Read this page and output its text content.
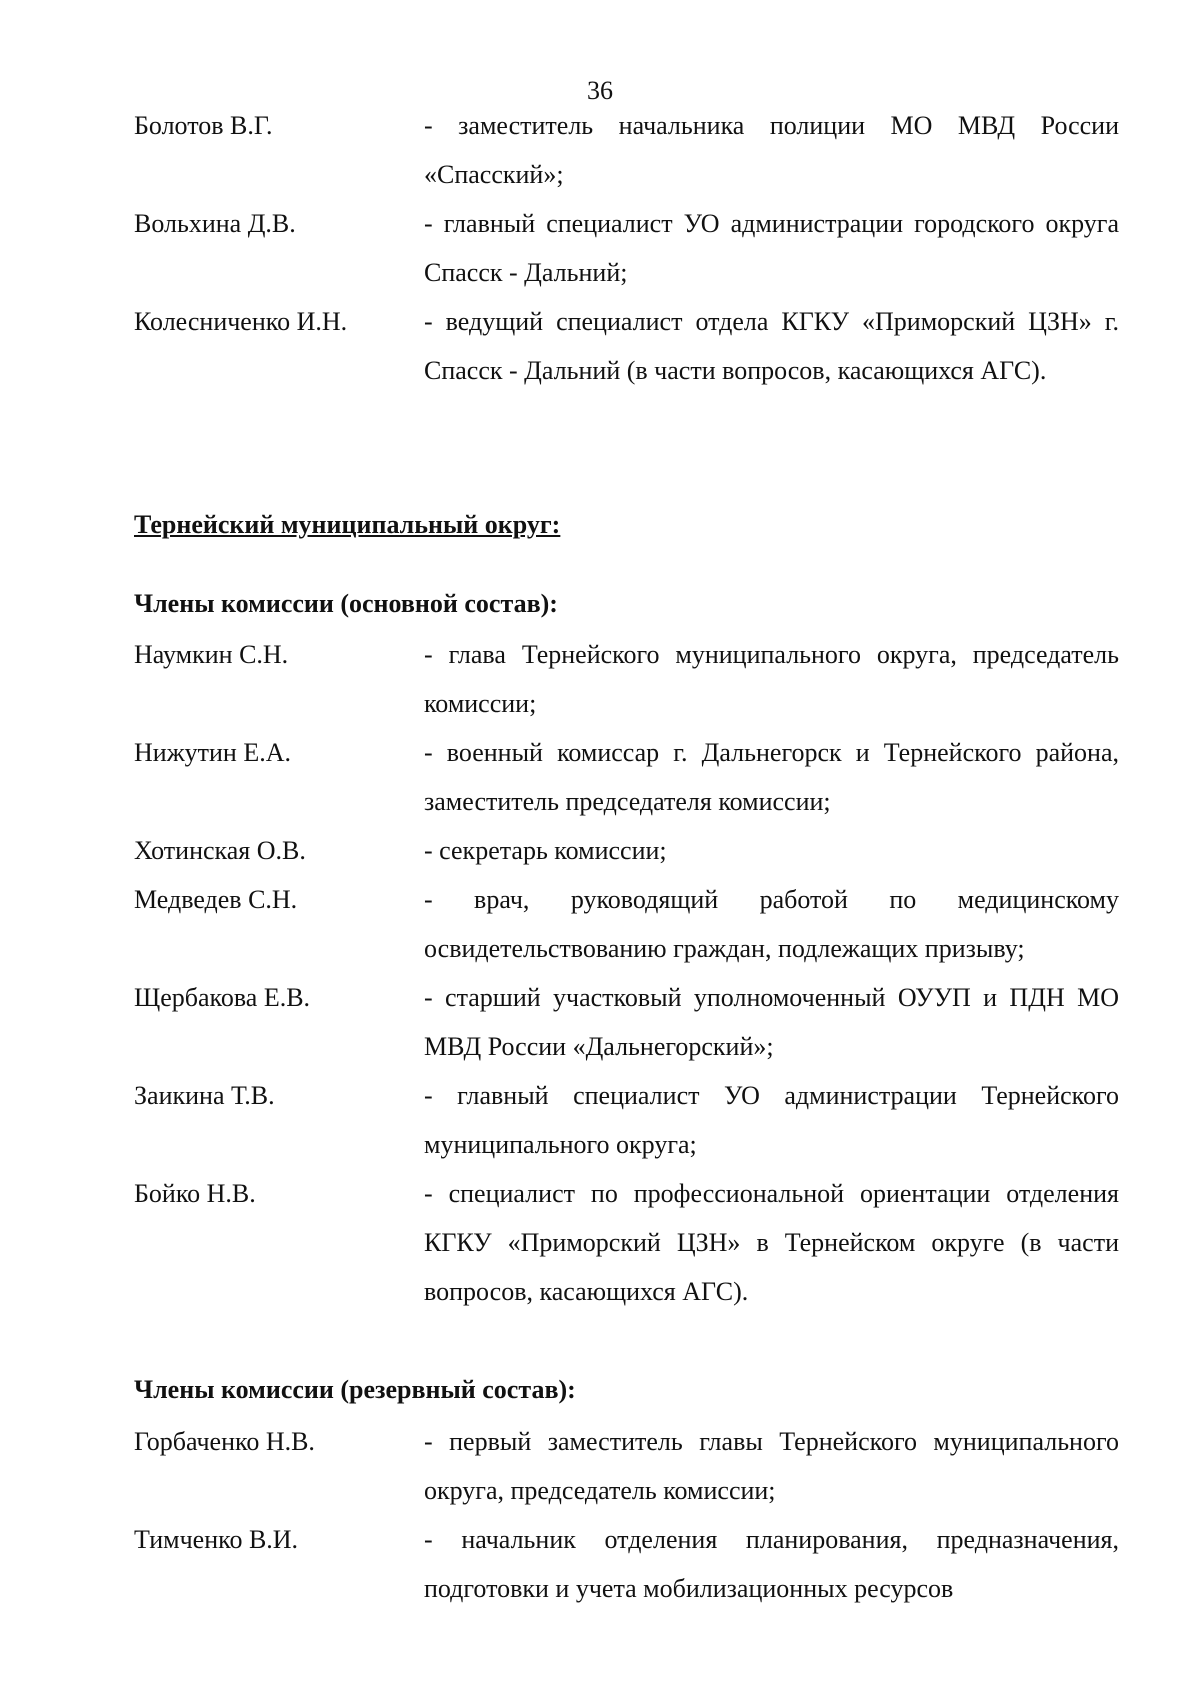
36
Болотов В.Г.	- заместитель начальника полиции МО МВД России «Спасский»;
Вольхина Д.В.	- главный специалист УО администрации городского округа Спасск - Дальний;
Колесниченко И.Н.	- ведущий специалист отдела КГКУ «Приморский ЦЗН» г. Спасск - Дальний (в части вопросов, касающихся АГС).
Тернейский муниципальный округ:
Члены комиссии (основной состав):
Наумкин С.Н.	- глава Тернейского муниципального округа, председатель комиссии;
Нижутин Е.А.	- военный комиссар г. Дальнегорск и Тернейского района, заместитель председателя комиссии;
Хотинская О.В.	- секретарь комиссии;
Медведев С.Н.	- врач, руководящий работой по медицинскому освидетельствованию граждан, подлежащих призыву;
Щербакова Е.В.	- старший участковый уполномоченный ОУУП и ПДН МО МВД России «Дальнегорский»;
Заикина Т.В.	- главный специалист УО администрации Тернейского муниципального округа;
Бойко Н.В.	- специалист по профессиональной ориентации отделения КГКУ «Приморский ЦЗН» в Тернейском округе (в части вопросов, касающихся АГС).
Члены комиссии (резервный состав):
Горбаченко Н.В.	- первый заместитель главы Тернейского муниципального округа, председатель комиссии;
Тимченко В.И.	- начальник отделения планирования, предназначения, подготовки и учета мобилизационных ресурсов
